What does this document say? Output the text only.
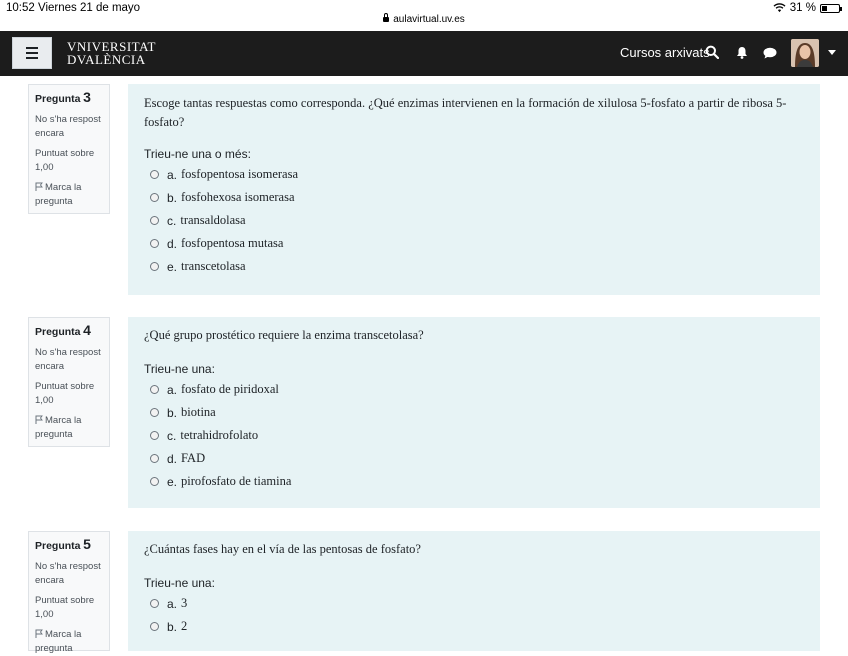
10:52 Viernes 21 de mayo
aulavirtual.uv.es
31 %
VNIVERSITAT
DVALÈNCIA	Cursos arxivats
Pregunta 3
No s'ha respost encara
Puntuat sobre 1,00
Marca la pregunta
Escoge tantas respuestas como corresponda. ¿Qué enzimas intervienen en la formación de xilulosa 5-fosfato a partir de ribosa 5-fosfato?
Trieu-ne una o més:
a. fosfopentosa isomerasa
b. fosfohexosa isomerasa
c. transaldolasa
d. fosfopentosa mutasa
e. transcetolasa
Pregunta 4
No s'ha respost encara
Puntuat sobre 1,00
Marca la pregunta
¿Qué grupo prostético requiere la enzima transcetolasa?
Trieu-ne una:
a. fosfato de piridoxal
b. biotina
c. tetrahidrofolato
d. FAD
e. pirofosfato de tiamina
Pregunta 5
No s'ha respost encara
Puntuat sobre 1,00
Marca la pregunta
¿Cuántas fases hay en el vía de las pentosas de fosfato?
Trieu-ne una:
a. 3
b. 2
